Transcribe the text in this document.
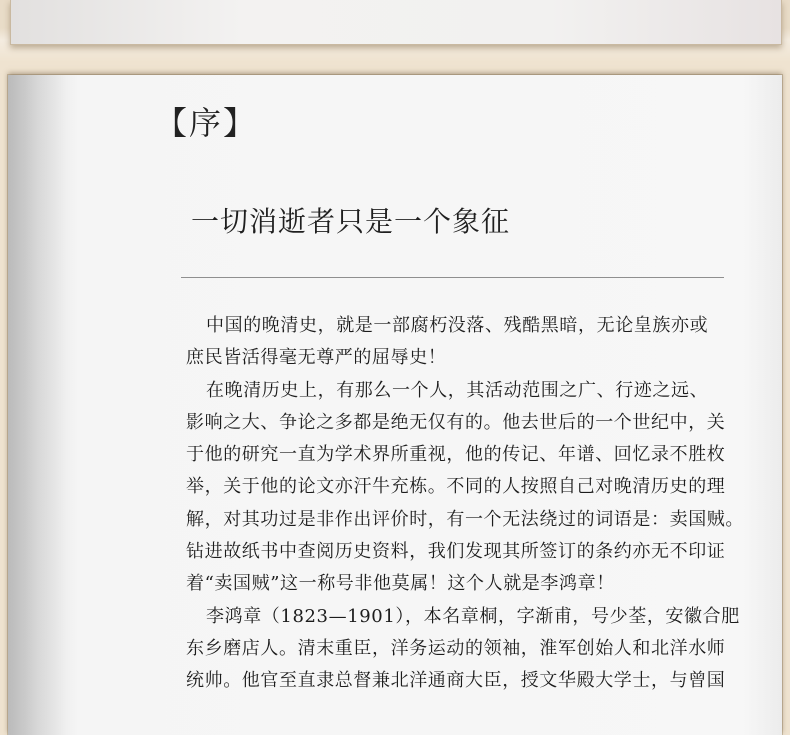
【序】
一切消逝者只是一个象征
中国的晚清史，就是一部腐朽没落、残酷黑暗，无论皇族亦或
庶民皆活得毫无尊严的屈辱史！
在晚清历史上，有那么一个人，其活动范围之广、行迹之远、
影响之大、争论之多都是绝无仅有的。他去世后的一个世纪中，关
于他的研究一直为学术界所重视，他的传记、年谱、回忆录不胜枚
举，关于他的论文亦汗牛充栋。不同的人按照自己对晚清历史的理
解，对其功过是非作出评价时，有一个无法绕过的词语是：卖国贼。
钻进故纸书中查阅历史资料，我们发现其所签订的条约亦无不印证
着“卖国贼”这一称号非他莫属！这个人就是李鸿章！
李鸿章（1823—1901），本名章桐，字渐甫，号少荃，安徽合肥
东乡磨店人。清末重臣，洋务运动的领袖，淮军创始人和北洋水师
统帅。他官至直隶总督兼北洋通商大臣，授文华殿大学士，与曾国
